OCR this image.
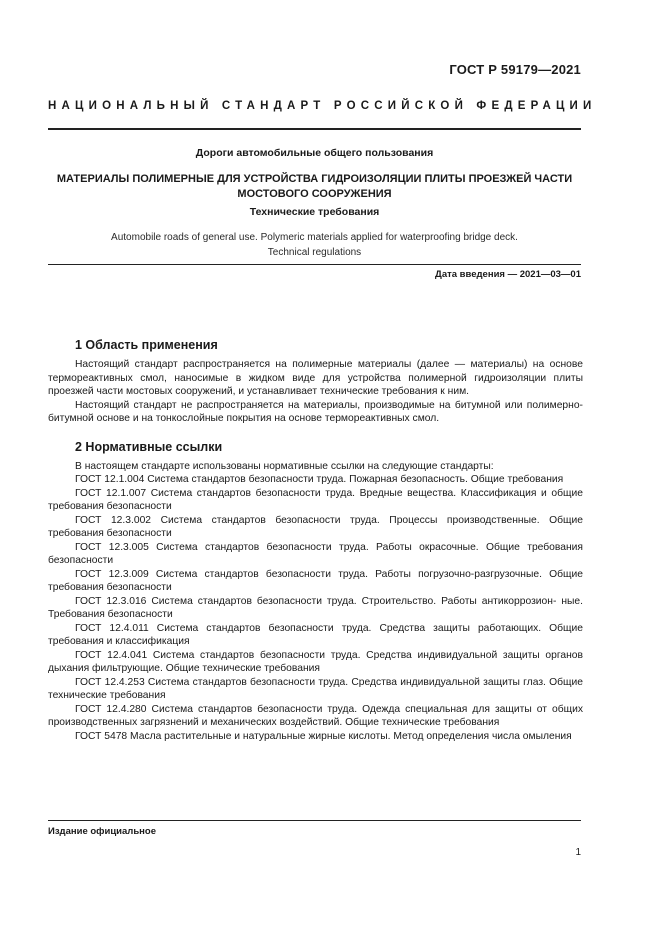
ГОСТ Р 59179—2021
НАЦИОНАЛЬНЫЙ СТАНДАРТ РОССИЙСКОЙ ФЕДЕРАЦИИ
Дороги автомобильные общего пользования
МАТЕРИАЛЫ ПОЛИМЕРНЫЕ ДЛЯ УСТРОЙСТВА ГИДРОИЗОЛЯЦИИ ПЛИТЫ ПРОЕЗЖЕЙ ЧАСТИ МОСТОВОГО СООРУЖЕНИЯ
Технические требования
Automobile roads of general use. Polymeric materials applied for waterproofing bridge deck.
Technical regulations
Дата введения — 2021—03—01
1 Область применения

Настоящий стандарт распространяется на полимерные материалы (далее — материалы) на основе термореактивных смол, наносимые в жидком виде для устройства полимерной гидроизоляции плиты проезжей части мостовых сооружений, и устанавливает технические требования к ним.

Настоящий стандарт не распространяется на материалы, производимые на битумной или полимерно-битумной основе и на тонкослойные покрытия на основе термореактивных смол.

2 Нормативные ссылки

В настоящем стандарте использованы нормативные ссылки на следующие стандарты:

ГОСТ 12.1.004 Система стандартов безопасности труда. Пожарная безопасность. Общие требования

ГОСТ 12.1.007 Система стандартов безопасности труда. Вредные вещества. Классификация и общие требования безопасности

ГОСТ 12.3.002 Система стандартов безопасности труда. Процессы производственные. Общие требования безопасности

ГОСТ 12.3.005 Система стандартов безопасности труда. Работы окрасочные. Общие требования безопасности

ГОСТ 12.3.009 Система стандартов безопасности труда. Работы погрузочно-разгрузочные. Общие требования безопасности

ГОСТ 12.3.016 Система стандартов безопасности труда. Строительство. Работы антикоррозион- ные. Требования безопасности

ГОСТ 12.4.011 Система стандартов безопасности труда. Средства защиты работающих. Общие требования и классификация

ГОСТ 12.4.041 Система стандартов безопасности труда. Средства индивидуальной защиты органов дыхания фильтрующие. Общие технические требования

ГОСТ 12.4.253 Система стандартов безопасности труда. Средства индивидуальной защиты глаз. Общие технические требования

ГОСТ 12.4.280 Система стандартов безопасности труда. Одежда специальная для защиты от общих производственных загрязнений и механических воздействий. Общие технические требования

ГОСТ 5478 Масла растительные и натуральные жирные кислоты. Метод определения числа омыления

Издание официальное
1
